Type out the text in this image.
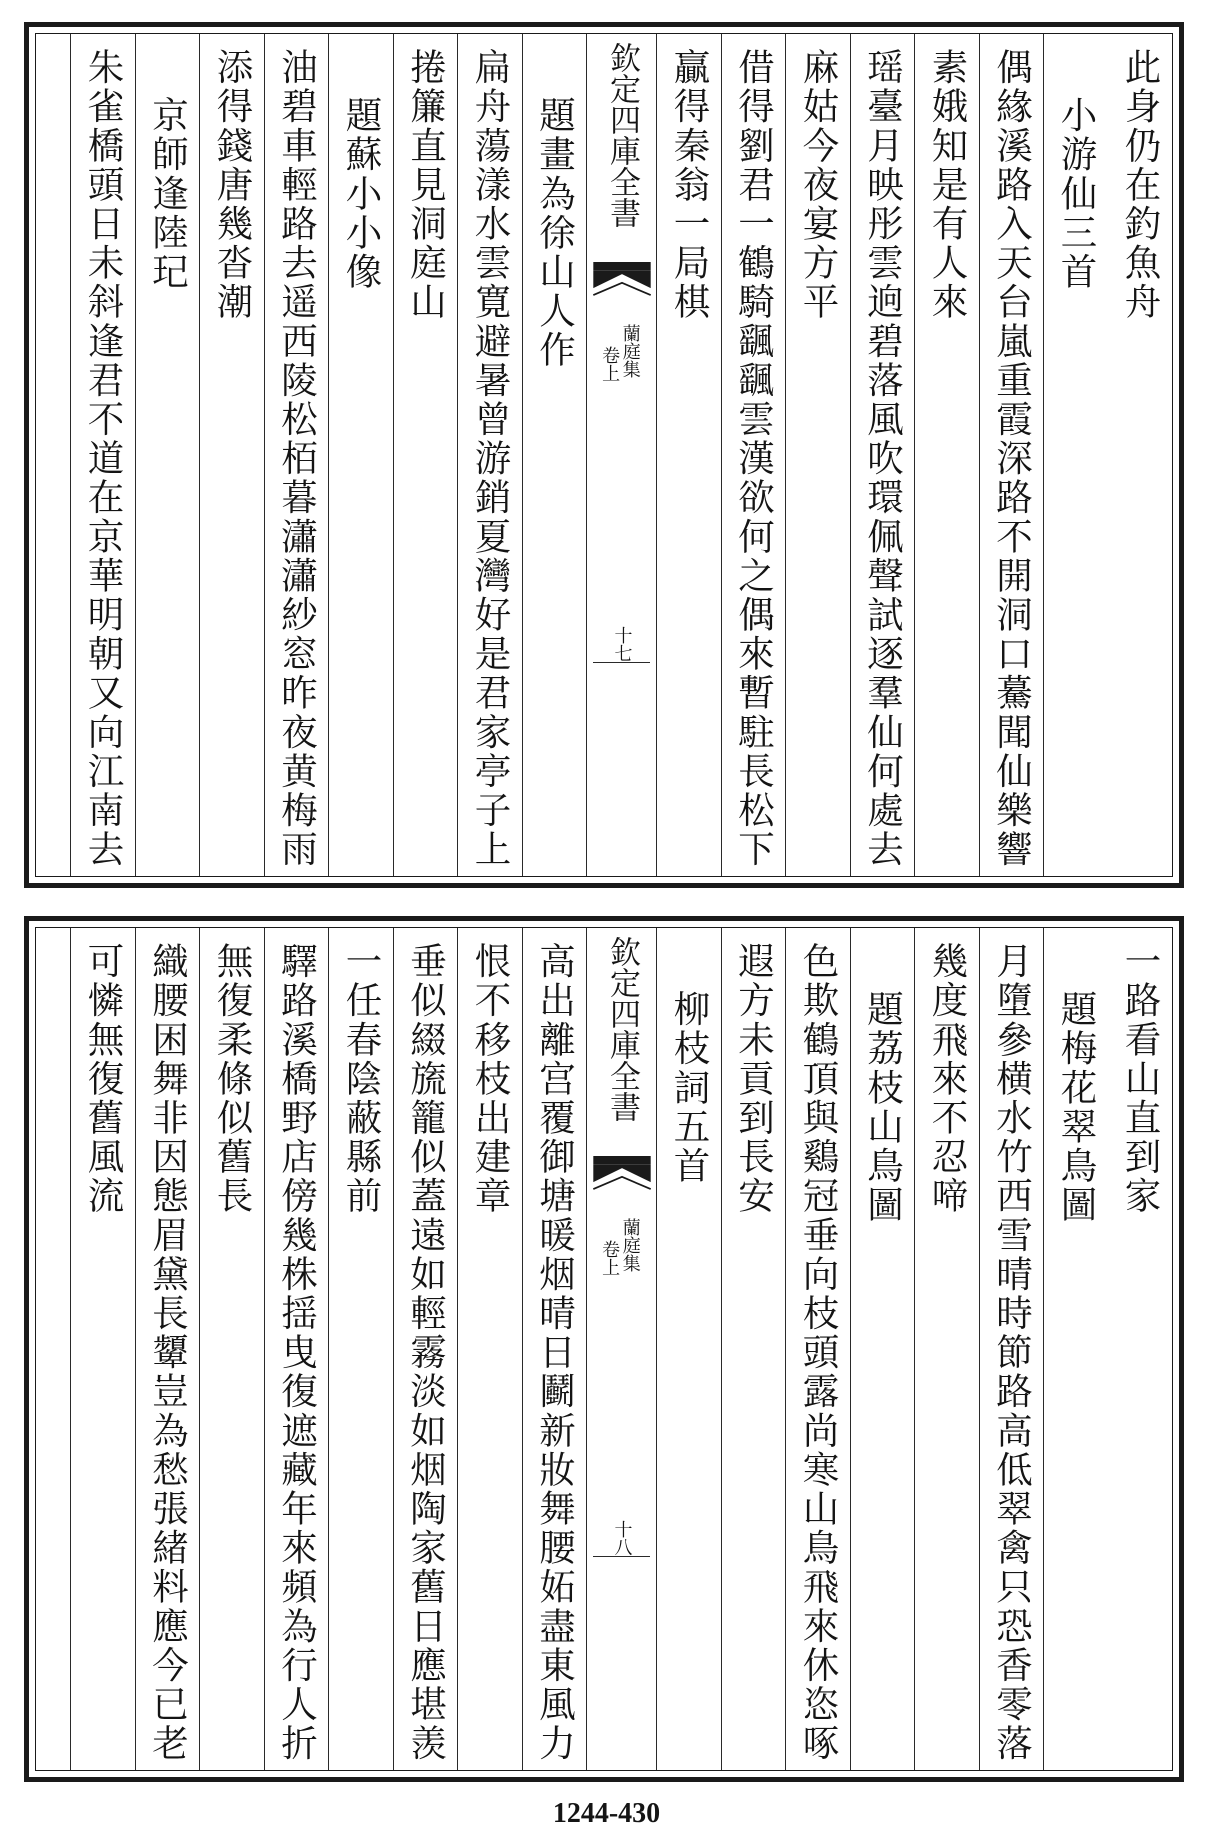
此身仍在釣魚舟
小游仙三首
偶緣溪路入天台嵐重霞深路不開洞口驀聞仙樂響
素娥知是有人來
瑶臺月映彤雲逈碧落風吹環佩聲試逐羣仙何處去
麻姑今夜宴方平
借得劉君一鶴騎颻颻雲漢欲何之偶來暫駐長松下
贏得秦翁一局棋
欽定四庫全書
蘭庭集
卷上
十七
題畫為徐山人作
扁舟蕩漾水雲寛避暑曾游銷夏灣好是君家亭子上
捲簾直見洞庭山
題蘇小小像
油碧車輕路去遥西陵松栢暮瀟瀟紗窓昨夜黄梅雨
添得錢唐幾沓潮
京師逢陸玘
朱雀橋頭日未斜逢君不道在京華明朝又向江南去
一路看山直到家
題梅花翠鳥圖
月墮參横水竹西雪晴時節路高低翠禽只恐香零落
幾度飛來不忍啼
題荔枝山鳥圖
色欺鶴頂與鷄冠垂向枝頭露尚寒山鳥飛來休恣啄
遐方未貢到長安
柳枝詞五首
欽定四庫全書
蘭庭集
卷上
十八
高出離宫覆御塘暖烟晴日鬬新妝舞腰妬盡東風力
恨不移枝出建章
垂似綴旒籠似蓋遠如輕霧淡如烟陶家舊日應堪羡
一任春陰蔽縣前
驛路溪橋野店傍幾株揺曳復遮藏年來頻為行人折
無復柔條似舊長
織腰困舞非因態眉黛長顰豈為愁張緒料應今已老
可憐無復舊風流
1244-430
